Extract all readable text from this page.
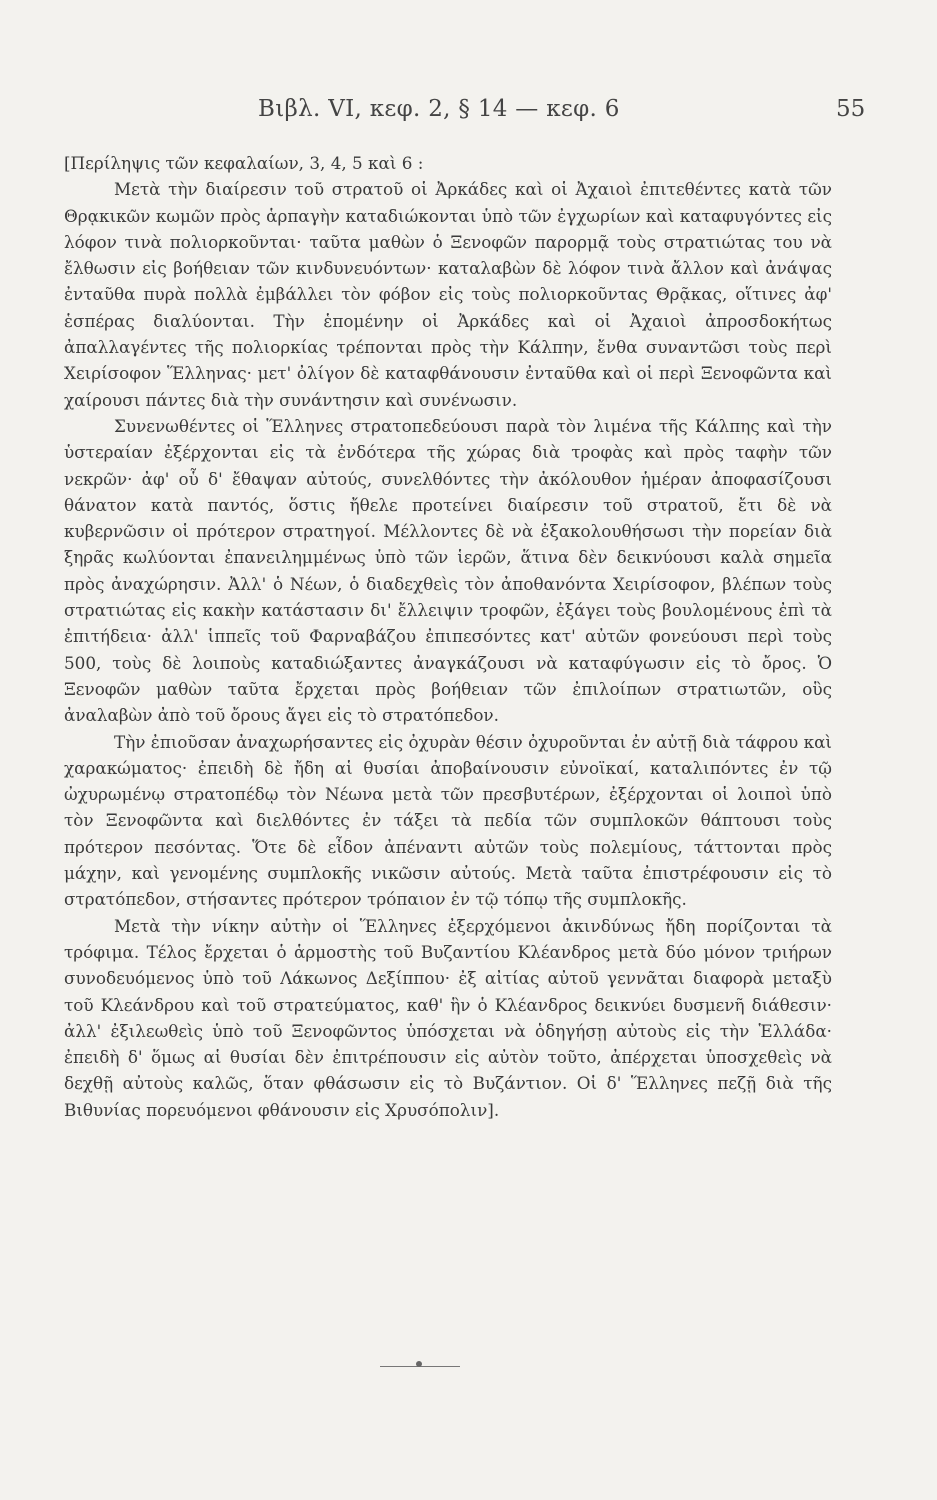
Βιβλ. VI, κεφ. 2, § 14 — κεφ. 6	55

[Περίληψις τῶν κεφαλαίων, 3, 4, 5 καὶ 6 :

Μετὰ τὴν διαίρεσιν τοῦ στρατοῦ οἱ Ἀρκάδες καὶ οἱ Ἀχαιοὶ ἐπιτεθέντες κατὰ τῶν Θρᾳκικῶν κωμῶν πρὸς ἁρπαγὴν καταδιώκονται ὑπὸ τῶν ἐγχωρίων καὶ καταφυγόντες εἰς λόφον τινὰ πολιορκοῦνται· ταῦτα μαθὼν ὁ Ξενοφῶν παρορμᾷ τοὺς στρατιώτας του νὰ ἔλθωσιν εἰς βοήθειαν τῶν κινδυνευόντων· καταλαβὼν δὲ λόφον τινὰ ἄλλον καὶ ἀνάψας ἐνταῦθα πυρὰ πολλὰ ἐμβάλλει τὸν φόβον εἰς τοὺς πολιορκοῦντας Θρᾷκας, οἵτινες ἀφ' ἑσπέρας διαλύονται. Τὴν ἑπομένην οἱ Ἀρκάδες καὶ οἱ Ἀχαιοὶ ἀπροσδοκήτως ἀπαλλαγέντες τῆς πολιορκίας τρέπονται πρὸς τὴν Κάλπην, ἔνθα συναντῶσι τοὺς περὶ Χειρίσοφον Ἕλληνας· μετ' ὀλίγον δὲ καταφθάνουσιν ἐνταῦθα καὶ οἱ περὶ Ξενοφῶντα καὶ χαίρουσι πάντες διὰ τὴν συνάντησιν καὶ συνένωσιν.

Συνενωθέντες οἱ Ἕλληνες στρατοπεδεύουσι παρὰ τὸν λιμένα τῆς Κάλπης καὶ τὴν ὑστεραίαν ἐξέρχονται εἰς τὰ ἐνδότερα τῆς χώρας διὰ τροφὰς καὶ πρὸς ταφὴν τῶν νεκρῶν· ἀφ' οὗ δ' ἔθαψαν αὐτούς, συνελθόντες τὴν ἀκόλουθον ἡμέραν ἀποφασίζουσι θάνατον κατὰ παντός, ὅστις ἤθελε προτείνει διαίρεσιν τοῦ στρατοῦ, ἔτι δὲ νὰ κυβερνῶσιν οἱ πρότερον στρατηγοί. Μέλλοντες δὲ νὰ ἐξακολουθήσωσι τὴν πορείαν διὰ ξηρᾶς κωλύονται ἐπανειλημμένως ὑπὸ τῶν ἱερῶν, ἅτινα δὲν δεικνύουσι καλὰ σημεῖα πρὸς ἀναχώρησιν. Ἀλλ' ὁ Νέων, ὁ διαδεχθεὶς τὸν ἀποθανόντα Χειρίσοφον, βλέπων τοὺς στρατιώτας εἰς κακὴν κατάστασιν δι' ἔλλειψιν τροφῶν, ἐξάγει τοὺς βουλομένους ἐπὶ τὰ ἐπιτήδεια· ἀλλ' ἱππεῖς τοῦ Φαρναβάζου ἐπιπεσόντες κατ' αὐτῶν φονεύουσι περὶ τοὺς 500, τοὺς δὲ λοιποὺς καταδιώξαντες ἀναγκάζουσι νὰ καταφύγωσιν εἰς τὸ ὄρος. Ὁ Ξενοφῶν μαθὼν ταῦτα ἔρχεται πρὸς βοήθειαν τῶν ἐπιλοίπων στρατιωτῶν, οὓς ἀναλαβὼν ἀπὸ τοῦ ὄρους ἄγει εἰς τὸ στρατόπεδον.

Τὴν ἐπιοῦσαν ἀναχωρήσαντες εἰς ὀχυρὰν θέσιν ὀχυροῦνται ἐν αὐτῇ διὰ τάφρου καὶ χαρακώματος· ἐπειδὴ δὲ ἤδη αἱ θυσίαι ἀποβαίνουσιν εὐνοϊκαί, καταλιπόντες ἐν τῷ ὠχυρωμένῳ στρατοπέδῳ τὸν Νέωνα μετὰ τῶν πρεσβυτέρων, ἐξέρχονται οἱ λοιποὶ ὑπὸ τὸν Ξενοφῶντα καὶ διελθόντες ἐν τάξει τὰ πεδία τῶν συμπλοκῶν θάπτουσι τοὺς πρότερον πεσόντας. Ὅτε δὲ εἶδον ἀπέναντι αὐτῶν τοὺς πολεμίους, τάττονται πρὸς μάχην, καὶ γενομένης συμπλοκῆς νικῶσιν αὐτούς. Μετὰ ταῦτα ἐπιστρέφουσιν εἰς τὸ στρατόπεδον, στήσαντες πρότερον τρόπαιον ἐν τῷ τόπῳ τῆς συμπλοκῆς.

Μετὰ τὴν νίκην αὐτὴν οἱ Ἕλληνες ἐξερχόμενοι ἀκινδύνως ἤδη πορίζονται τὰ τρόφιμα. Τέλος ἔρχεται ὁ ἁρμοστὴς τοῦ Βυζαντίου Κλέανδρος μετὰ δύο μόνον τριήρων συνοδευόμενος ὑπὸ τοῦ Λάκωνος Δεξίππου· ἐξ αἰτίας αὐτοῦ γεννᾶται διαφορὰ μεταξὺ τοῦ Κλεάνδρου καὶ τοῦ στρατεύματος, καθ' ἣν ὁ Κλέανδρος δεικνύει δυσμενῆ διάθεσιν· ἀλλ' ἐξιλεωθεὶς ὑπὸ τοῦ Ξενοφῶντος ὑπόσχεται νὰ ὁδηγήσῃ αὐτοὺς εἰς τὴν Ἑλλάδα· ἐπειδὴ δ' ὅμως αἱ θυσίαι δὲν ἐπιτρέπουσιν εἰς αὐτὸν τοῦτο, ἀπέρχεται ὑποσχεθεὶς νὰ δεχθῇ αὐτοὺς καλῶς, ὅταν φθάσωσιν εἰς τὸ Βυζάντιον. Οἱ δ' Ἕλληνες πεζῇ διὰ τῆς Βιθυνίας πορευόμενοι φθάνουσιν εἰς Χρυσόπολιν].
